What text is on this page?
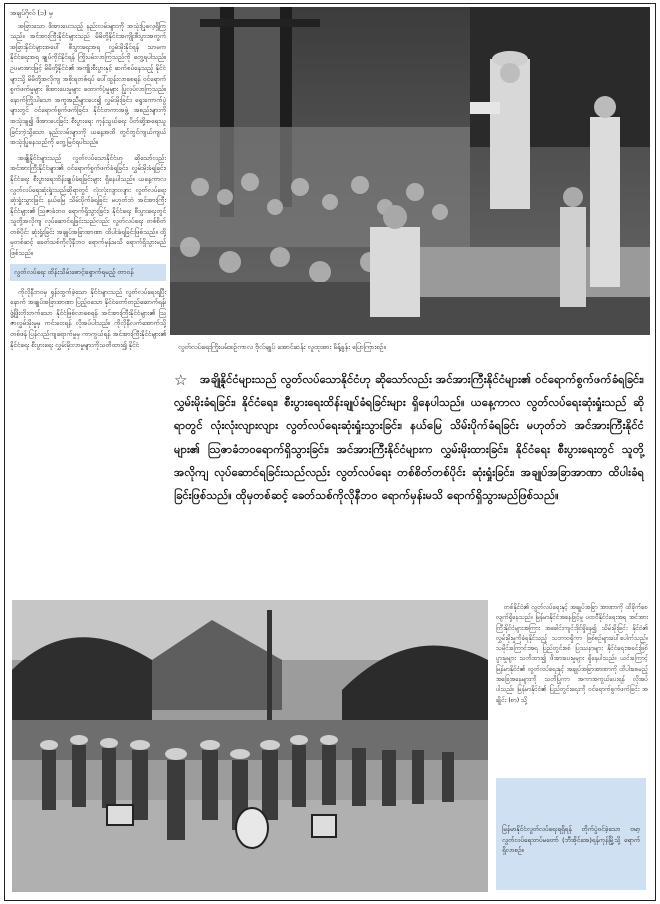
အချပ်ဂိုလ် (၁) မှ

အခြားသော ဖိအားပေးသည့် နည်းလမ်းများကို အသုံးပြုလေ့ရှိကြသည်။ အင်အားကြီးနိုင်ငံများသည် မိမိတို့နိုင်ငံအကျိုးစီးပွားအတွက် အခြားနိုင်ငံများအပေါ် စီးပွားရေးအရ လွှမ်းမိုးနိုင်ရန် သာမက နိုင်ငံရေးအရ ချုပ်ကိုင်နိုင်ရန် ကြိုးပမ်းလာကြသည်ကို တွေ့ရပါသည်။ ဥပမာအားဖြင့် မိမိတို့နိုင်ငံ၏ အကျိုးစီးပွားနှင့် ဆက်စပ်နေသည့် နိုင်ငံများသို့ မိမိတို့အလိုကျ အစိုးရတစ်ရပ် ပေါ်ထွန်းလာစေရန် ဝင်ရောက်စွက်ဖက်မှုများ ဖိအားပေးမှုများ ထောက်ပံ့မှုများ ပြုလုပ်လာကြသည်။ နောက်ကြိုးပါသော အကူအညီများပေး၍ လွှမ်းမိုးခြင်း၊ ရွေးကောက်ပွဲများတွင် ဝင်ရောက်စွက်ဖက်ခြင်း၊ နိုင်ငံတကာအဖွဲ့ အစည်းများကိုအသုံးချ၍ ဖိအားပေးခြင်း စီးပွားရေး ကုန်သွယ်ရေး ပိတ်ဆို့အရေးယူခြင်းကဲ့သို့သော နည်းလမ်းများကို ယနေ့အထိ တွင်တွင်ကျယ်ကျယ် အသုံးပြုနေသည်ကို တွေ့မြင်ရပါသည်။

အချို့နိုင်ငံများသည် လွတ်လပ်သောနိုင်ငံဟု ဆိုသော်လည်း အင်အားကြီးနိုင်ငံများ၏ ဝင်ရောက်စွက်ဖက်ခံရခြင်း၊ လွှမ်းမိုးခံရခြင်း၊ နိုင်ငံရေး စီးပွားရေးထိန်းချုပ်ခံရခြင်းများ ရှိနေပါသည်။ ယနေ့ကာလ လွတ်လပ်ရေးဆုံးရှုံးသည်ဆိုရာတွင် လုံးလုံးလျားလျား လွတ်လပ်ရေးဆုံးရှုံးသွားခြင်း နယ်မြေ သိမ်းပိုက်ခံရခြင်း မဟုတ်ဘဲ အင်အားကြီးနိုင်ငံများ၏ ဩဇာခံဘဝ ရောက်ရှိသွားခြင်း၊ နိုင်ငံရေး စီးပွားရေးတွင် သူတို့အလိုကျ လုပ်ဆောင်ရခြင်းသည်လည်း လွတ်လပ်ရေး တစ်စိတ်တစ်ပိုင်း ဆုံးရှုံးခြင်း အချုပ်အခြာအာဏာ ထိပါးခံရခြင်းဖြစ်သည်။ ထို့မှတစ်ဆင့် ခေတ်သစ်ကိုလိုနီဘဝ ရောက်မှန်းမသိ ရောက်ရှိသွားမည်ဖြစ်သည်။

လွတ်လပ်ရေး ထိန်းသိမ်းစောင့်ရှောက်ရမည့် တာဝန်

ကိုလိုနီဘဝမှ ရုန်းထွက်ခဲ့သော နိုင်ငံများသည် လွတ်လပ်ရေးရပြီးနောက် အချုပ်အခြာအာဏာ ပြည့်ဝသော နိုင်ငံတော်တည်ဆောက်ရန်၊ ဖွံ့ဖြိုးတိုးတက်သော နိုင်ငံဖြစ်လာစေရန် အင်အားကြီးနိုင်ငံများ၏ သြဇာလွှမ်းမိုးမှုမှ ကင်းဝေးရန် လိုအပ်ပါသည်။ ကိုလိုနီလက်အောက်သို့ တစ်ဖန် ပြန်လည်ကျရောက်မှုမှ ကာကွယ်ရန် အင်အားကြီးနိုင်ငံများ၏ နိုင်ငံရေး စီးပွားရေး လွှမ်းမိုးလာမှုများကိုသတိထား၍ နိုင်ငံ	လွတ်လပ်ရေးကြိုးပမ်းစဉ်ကာလ ဗိုလ်ချုပ် အောင်ဆန်း လူထုအား မိန့်ခွန်း ပြောကြားစဉ်။
☆	အချို့နိုင်ငံများသည် လွတ်လပ်သောနိုင်ငံဟု ဆိုသော်လည်း အင်အားကြီးနိုင်ငံများ၏ ဝင်ရောက်စွက်ဖက်ခံရခြင်း၊ လွှမ်းမိုးခံရခြင်း၊ နိုင်ငံရေး၊ စီးပွားရေးထိန်းချုပ်ခံရခြင်းများ ရှိနေပါသည်။ ယနေ့ကာလ လွတ်လပ်ရေးဆုံးရှုံးသည် ဆိုရာတွင် လုံးလုံးလျားလျား လွတ်လပ်ရေးဆုံးရှုံးသွားခြင်း၊ နယ်မြေ သိမ်းပိုက်ခံရခြင်း မဟုတ်ဘဲ အင်အားကြီးနိုင်ငံများ၏ ဩဇာခံဘဝရောက်ရှိသွားခြင်း၊ အင်အားကြီးနိုင်ငံများက လွှမ်းမိုးထားခြင်း၊ နိုင်ငံရေး စီးပွားရေးတွင် သူတို့အလိုကျ လုပ်ဆောင်ရခြင်းသည်လည်း လွတ်လပ်ရေး တစ်စိတ်တစ်ပိုင်း ဆုံးရှုံးခြင်း၊ အချုပ်အခြာအာဏာ ထိပါးခံရခြင်းဖြစ်သည်။ ထိုမှတစ်ဆင့် ခေတ်သစ်ကိုလိုနီဘဝ ရောက်မှန်းမသိ ရောက်ရှိသွားမည်ဖြစ်သည်။

တစ်နိုင်ငံ၏ လွတ်လပ်ရေးနှင့် အချုပ်အခြာ အာဏာကို ထိခိုက်စေလျက်ရှိနေသည်။ မြန်မာနိုင်ငံအနေဖြင့်မူ ပထဝီနိုင်ငံရေးအရ အင်အားကြီးနိုင်ငံများအကြား အခေါင်းကျင်းဒိုင်ရှိနေ၍ သိမ်းမိုးခြင်း နိုင်ငံ၏ လွှမ်းမိုးမှုကိုခံရနိုင်သည့် သဘာဝရှိကာ ဖြစ်စဉ်များပေါ်ပေါက်သည်။ သမိုင်းကြောင်းအရ ပြည်တွင်းစစ် ပြဿနာများ နိုင်ငံရေးအခင်းဖြစ်ပွားမှုများ သတိထား၍ ဖိအားပေးမှုများ ရှိနေပါသည်။ ယင်းကြောင့် မြန်မာနိုင်ငံ၏ လွတ်လပ်ရေးနှင့် အချုပ်အခြာအာဏာကို ထိပါးစေမည့် အခြေအနေများကို သတိပြုကာ အကာအကွယ်ပေးရန် လိုအပ်ပါသည်။ မြန်မာနိုင်ငံ၏ ပြည်တွင်းရေးကို ဝင်ရောက်စွက်ဖက်ခြင်း အချိုင်း (စာ) သို့

မြန်မာနိုင်ငံလွတ်လပ်ရေးရရှိရန် တိုက်ပွဲဝင်ခဲ့သော ဗမာ့လွတ်လပ်ရေးတပ်မတော် (ဘီအိုင်အေ)ရန်ကုန်မြို့သို့ ရောက်ရှိလာစဉ်။
